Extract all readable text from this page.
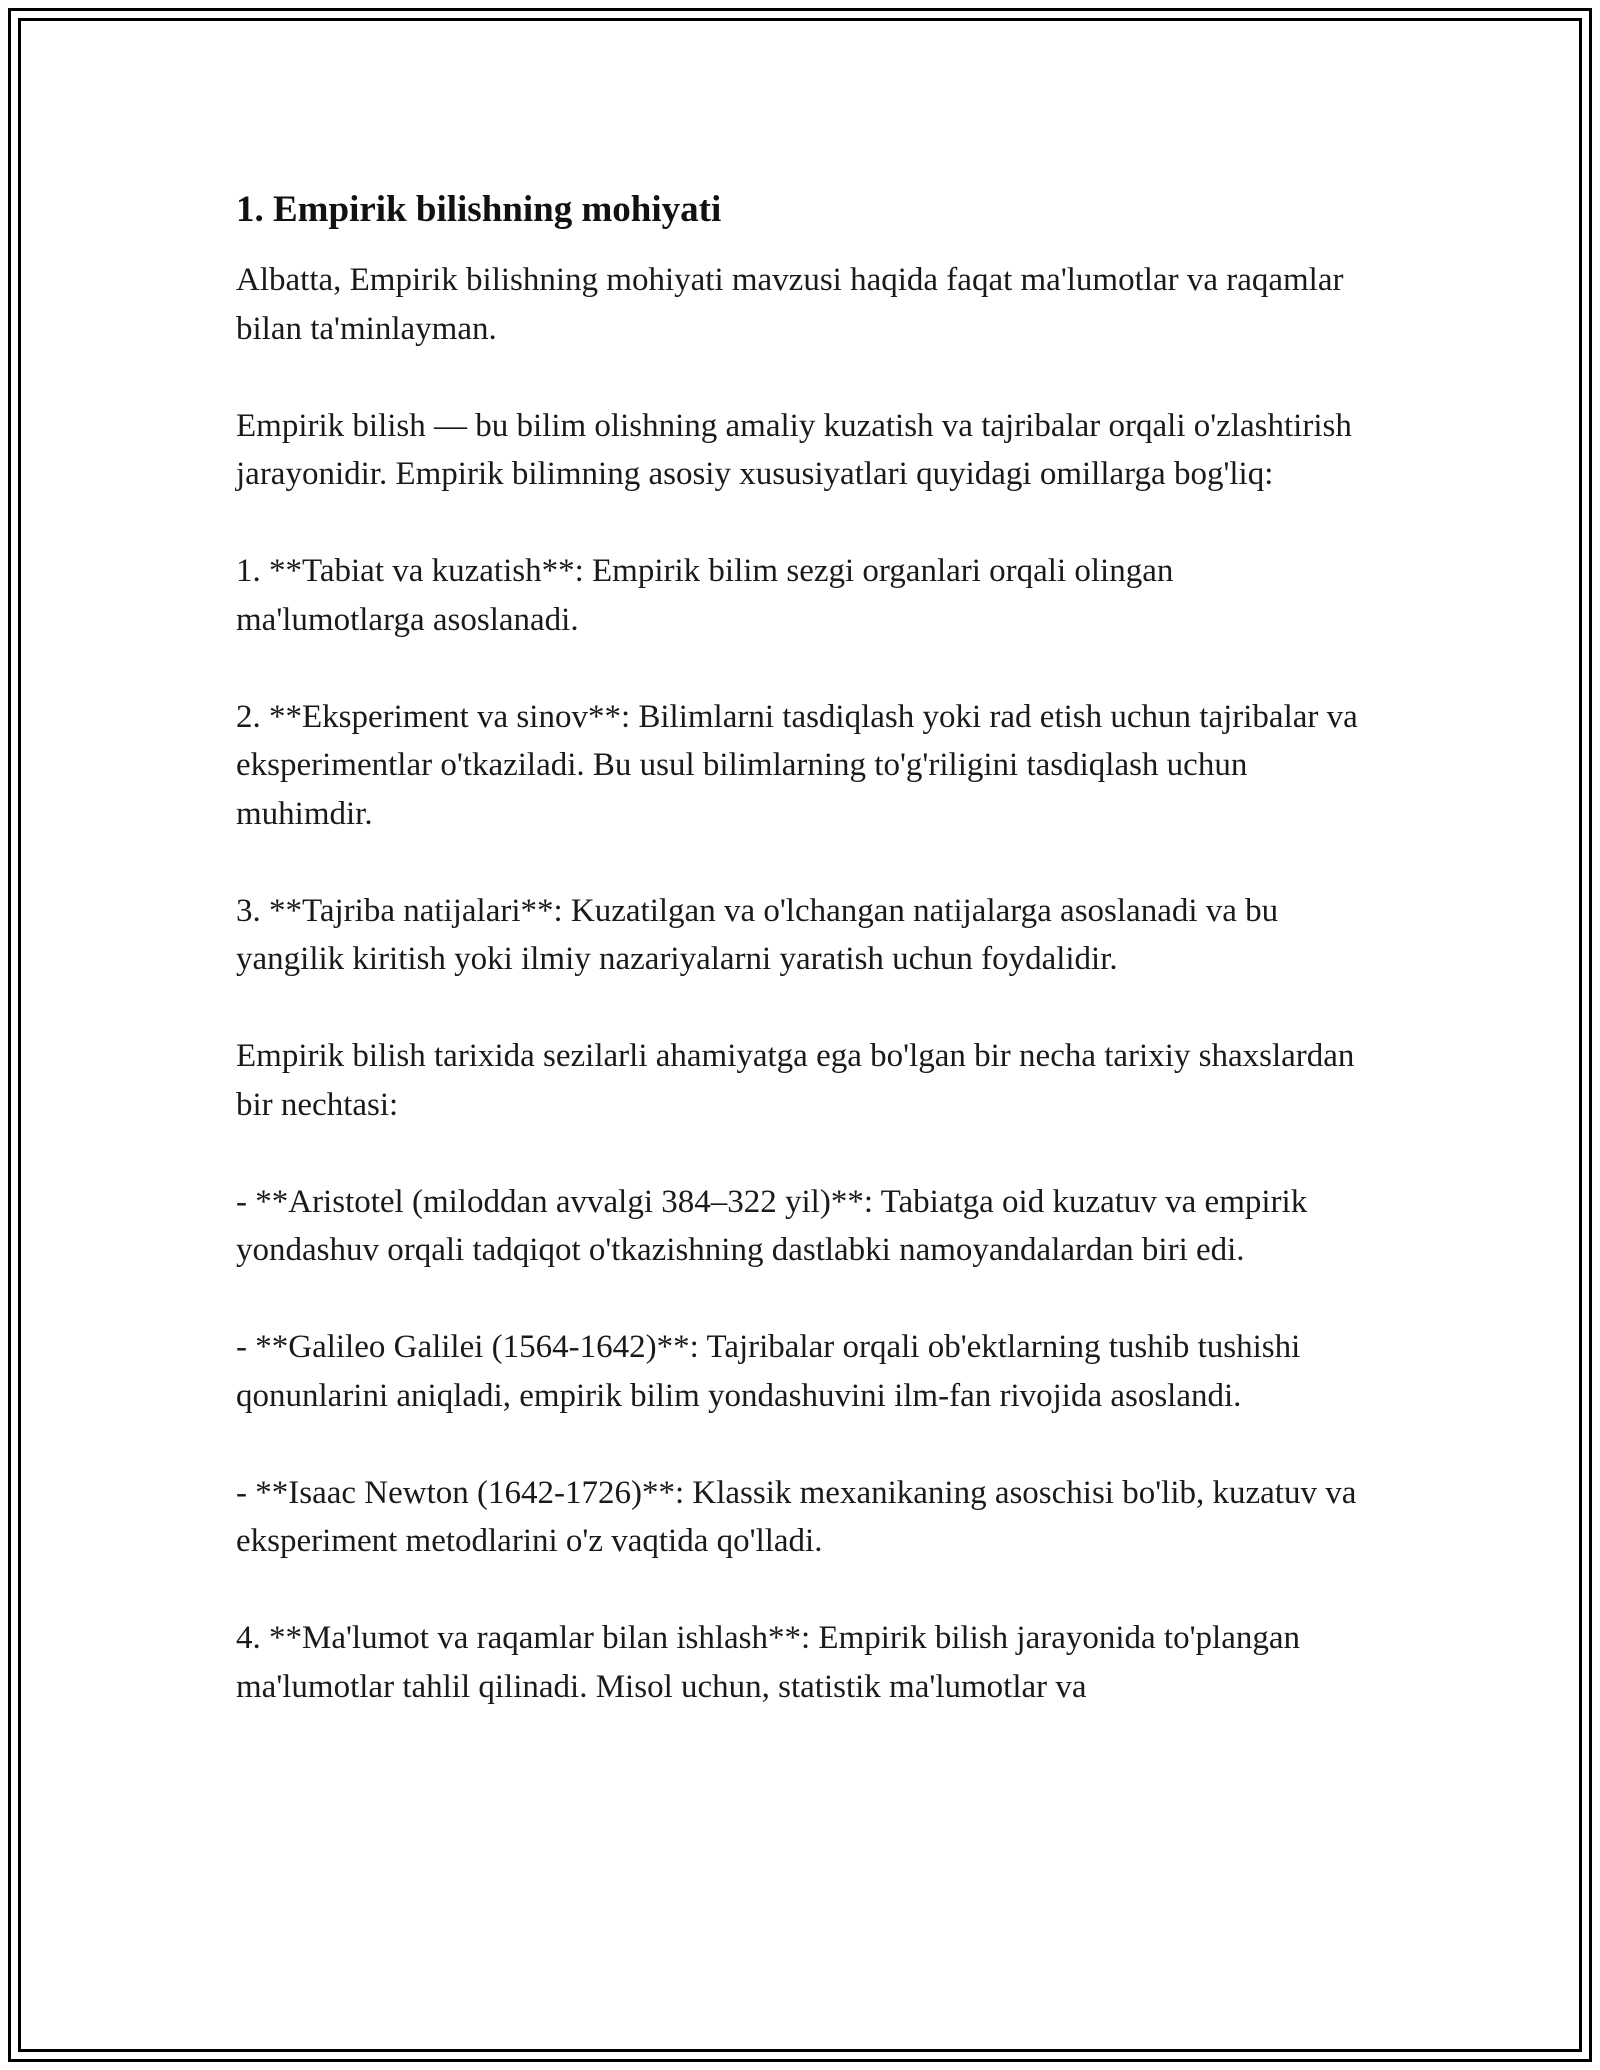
1. Empirik bilishning mohiyati

Albatta, Empirik bilishning mohiyati mavzusi haqida faqat ma'lumotlar va raqamlar bilan ta'minlayman.

Empirik bilish — bu bilim olishning amaliy kuzatish va tajribalar orqali o'zlashtirish jarayonidir. Empirik bilimning asosiy xususiyatlari quyidagi omillarga bog'liq:

1. **Tabiat va kuzatish**: Empirik bilim sezgi organlari orqali olingan ma'lumotlarga asoslanadi.

2. **Eksperiment va sinov**: Bilimlarni tasdiqlash yoki rad etish uchun tajribalar va eksperimentlar o'tkaziladi. Bu usul bilimlarning to'g'riligini tasdiqlash uchun muhimdir.

3. **Tajriba natijalari**: Kuzatilgan va o'lchangan natijalarga asoslanadi va bu yangilik kiritish yoki ilmiy nazariyalarni yaratish uchun foydalidir.

Empirik bilish tarixida sezilarli ahamiyatga ega bo'lgan bir necha tarixiy shaxslardan bir nechtasi:

- **Aristotel (miloddan avvalgi 384–322 yil)**: Tabiatga oid kuzatuv va empirik yondashuv orqali tadqiqot o'tkazishning dastlabki namoyandalardan biri edi.

- **Galileo Galilei (1564-1642)**: Tajribalar orqali ob'ektlarning tushib tushishi qonunlarini aniqladi, empirik bilim yondashuvini ilm-fan rivojida asoslandi.

- **Isaac Newton (1642-1726)**: Klassik mexanikaning asoschisi bo'lib, kuzatuv va eksperiment metodlarini o'z vaqtida qo'lladi.

4. **Ma'lumot va raqamlar bilan ishlash**: Empirik bilish jarayonida to'plangan ma'lumotlar tahlil qilinadi. Misol uchun, statistik ma'lumotlar va
